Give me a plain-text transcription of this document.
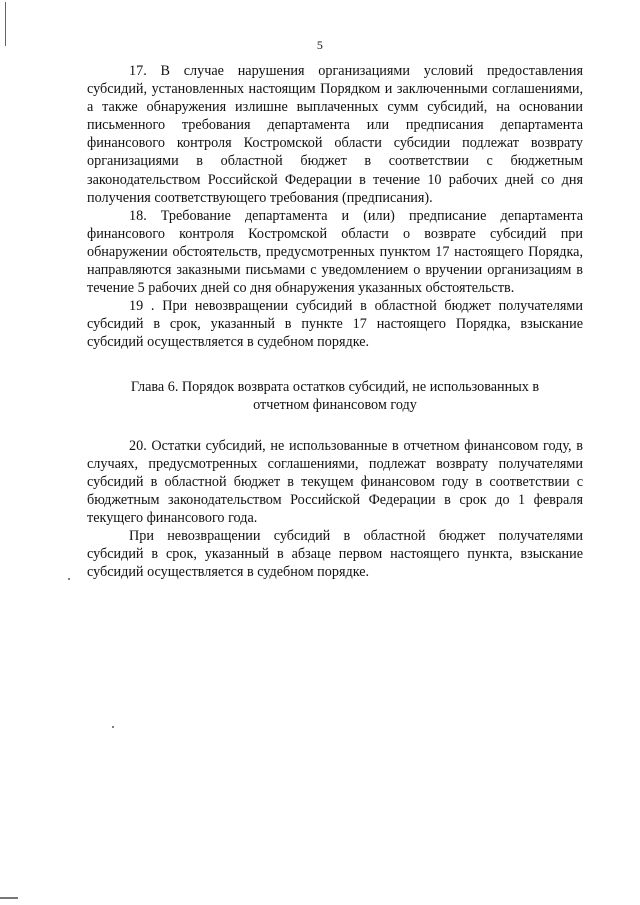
5

17. В случае нарушения организациями условий предоставления субсидий, установленных настоящим Порядком и заключенными соглашениями, а также обнаружения излишне выплаченных сумм субсидий, на основании письменного требования департамента или предписания департамента финансового контроля Костромской области субсидии подлежат возврату организациями в областной бюджет в соответствии с бюджетным законодательством Российской Федерации в течение 10 рабочих дней со дня получения соответствующего требования (предписания).

18. Требование департамента и (или) предписание департамента финансового контроля Костромской области о возврате субсидий при обнаружении обстоятельств, предусмотренных пунктом 17 настоящего Порядка, направляются заказными письмами с уведомлением о вручении организациям в течение 5 рабочих дней со дня обнаружения указанных обстоятельств.

19 . При невозвращении субсидий в областной бюджет получателями субсидий в срок, указанный в пункте 17 настоящего Порядка, взыскание субсидий осуществляется в судебном порядке.

Глава 6. Порядок возврата остатков субсидий, не использованных в отчетном финансовом году

20. Остатки субсидий, не использованные в отчетном финансовом году, в случаях, предусмотренных соглашениями, подлежат возврату получателями субсидий в областной бюджет в текущем финансовом году в соответствии с бюджетным законодательством Российской Федерации в срок до 1 февраля текущего финансового года.

При невозвращении субсидий в областной бюджет получателями субсидий в срок, указанный в абзаце первом настоящего пункта, взыскание субсидий осуществляется в судебном порядке.
